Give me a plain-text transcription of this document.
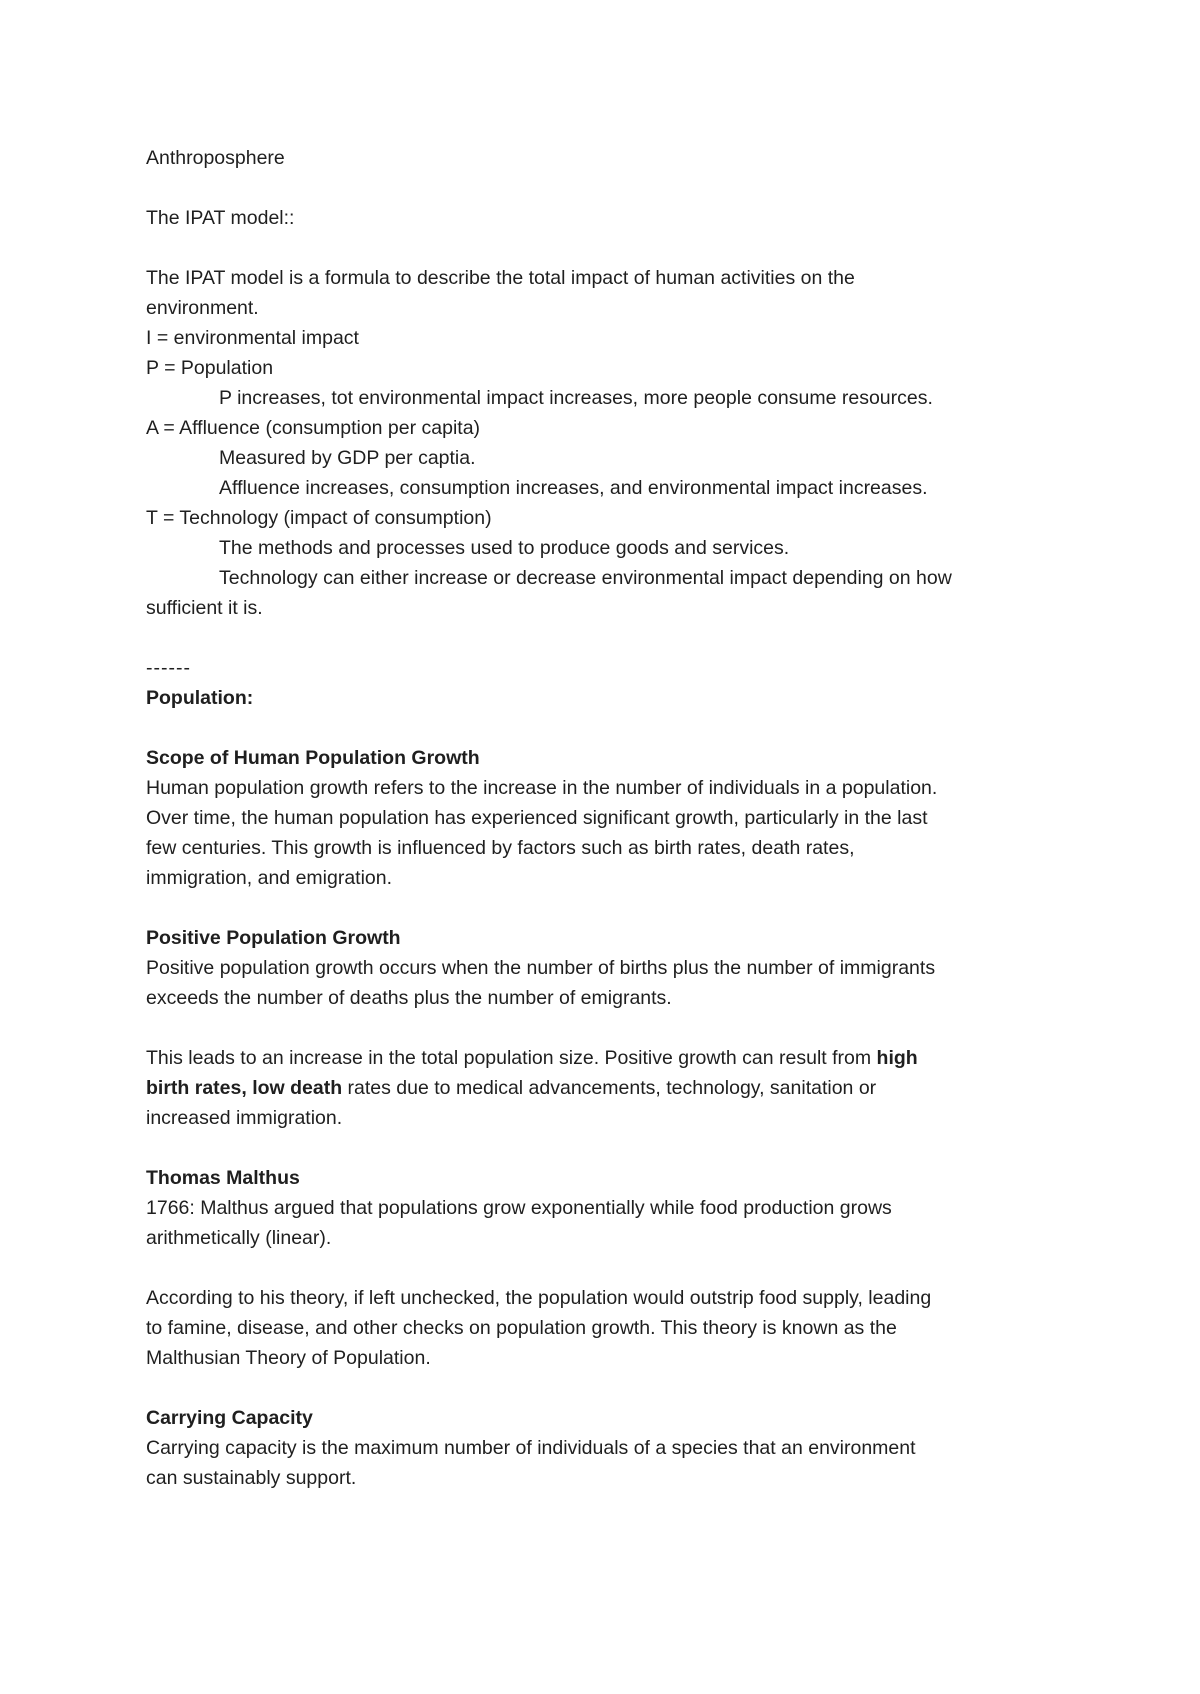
Anthroposphere
The IPAT model::
The IPAT model is a formula to describe the total impact of human activities on the
environment.
I = environmental impact
P = Population
P increases, tot environmental impact increases, more people consume resources.
A = Affluence (consumption per capita)
Measured by GDP per captia.
Affluence increases, consumption increases, and environmental impact increases.
T = Technology (impact of consumption)
The methods and processes used to produce goods and services.
Technology can either increase or decrease environmental impact depending on how
sufficient it is.
------
Population:
Scope of Human Population Growth
Human population growth refers to the increase in the number of individuals in a population.
Over time, the human population has experienced significant growth, particularly in the last
few centuries. This growth is influenced by factors such as birth rates, death rates,
immigration, and emigration.
Positive Population Growth
Positive population growth occurs when the number of births plus the number of immigrants
exceeds the number of deaths plus the number of emigrants.
This leads to an increase in the total population size. Positive growth can result from high
birth rates, low death rates due to medical advancements, technology, sanitation or
increased immigration.
Thomas Malthus
1766: Malthus argued that populations grow exponentially while food production grows
arithmetically (linear).
According to his theory, if left unchecked, the population would outstrip food supply, leading
to famine, disease, and other checks on population growth. This theory is known as the
Malthusian Theory of Population.
Carrying Capacity
Carrying capacity is the maximum number of individuals of a species that an environment
can sustainably support.
